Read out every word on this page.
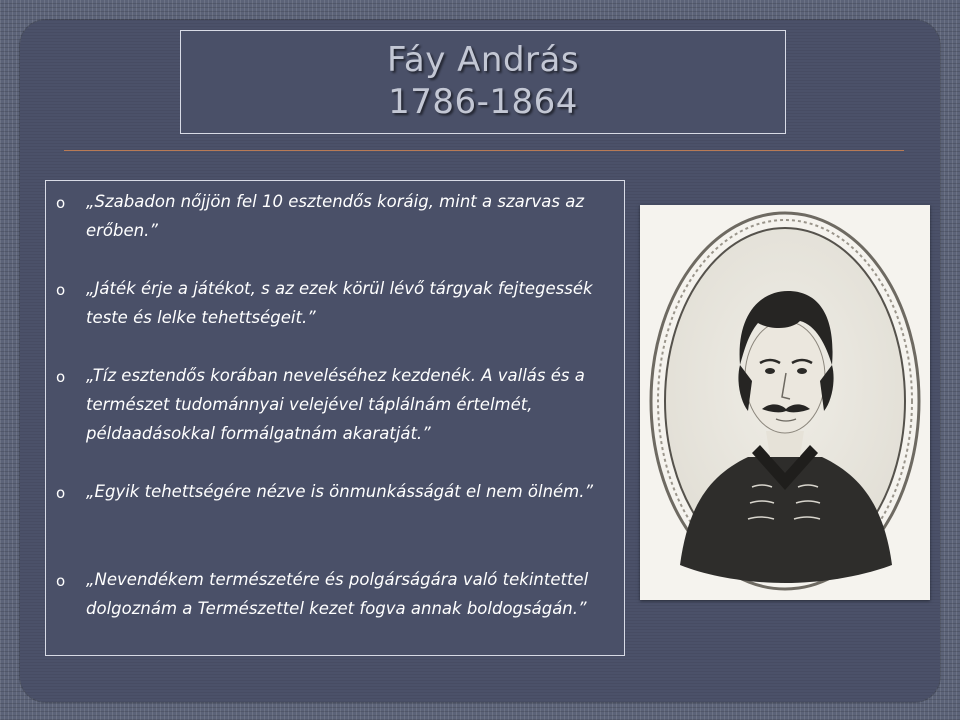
Fáy András
1786-1864
o „Szabadon nőjjön fel 10 esztendős koráig, mint a szarvas az erőben.”
o „Játék érje a játékot, s az ezek körül lévő tárgyak fejtegessék teste és lelke tehettségeit.”
o „Tíz esztendős korában neveléséhez kezdenék. A vallás és a természet tudománnyai velejével táplálnám értelmét, példaadásokkal formálgatnám akaratját.”
o „Egyik tehettségére nézve is önmunkásságát el nem ölném.”
o „Nevendékem természetére és polgárságára való tekintettel dolgoznám a Természettel kezet fogva annak boldogságán.”
